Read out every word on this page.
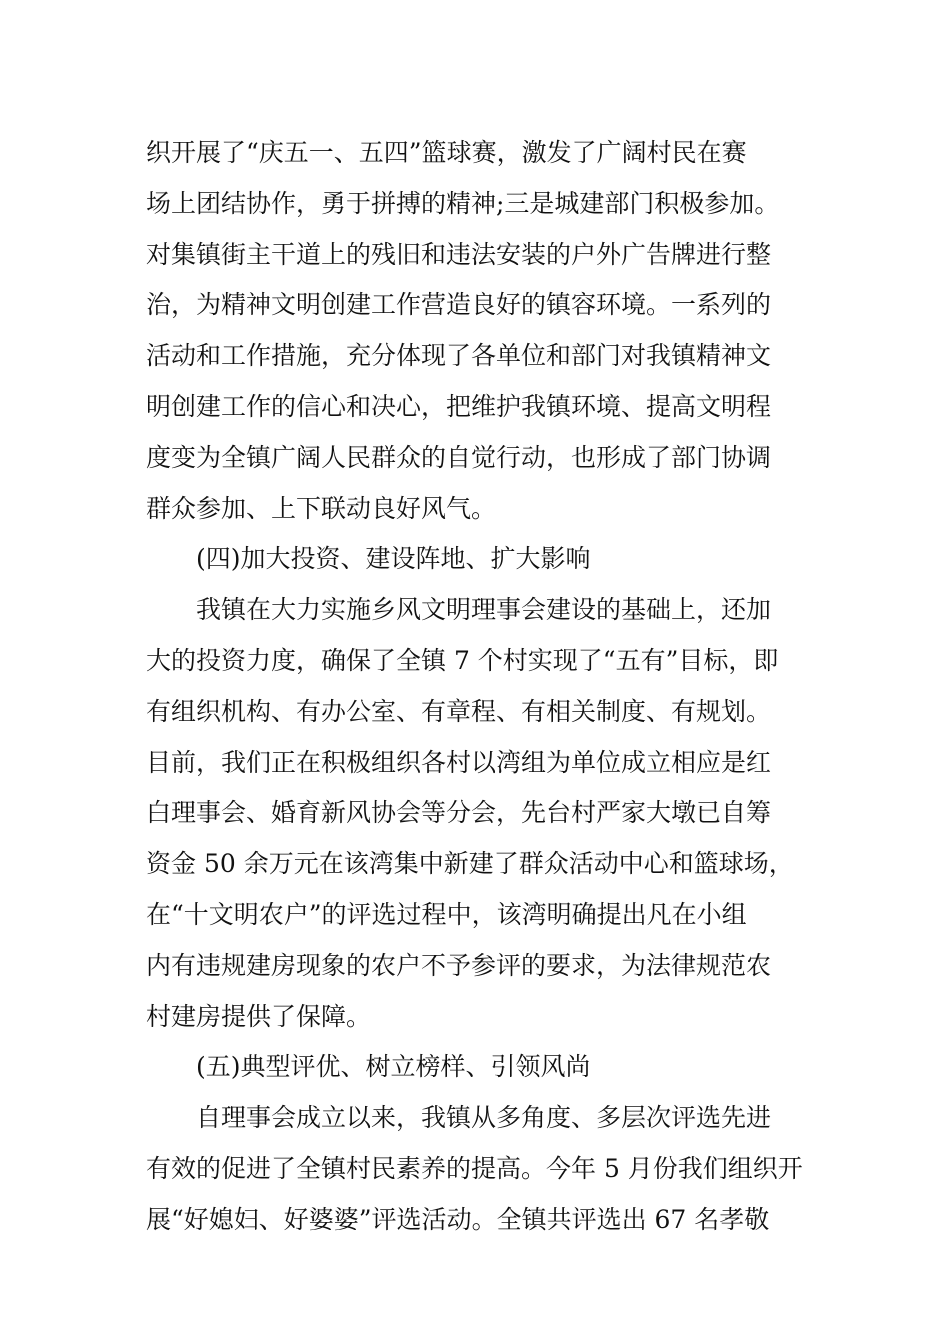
织开展了“庆五一、五四”篮球赛，激发了广阔村民在赛
场上团结协作，勇于拼搏的精神;三是城建部门积极参加。
对集镇街主干道上的残旧和违法安装的户外广告牌进行整
治，为精神文明创建工作营造良好的镇容环境。一系列的
活动和工作措施，充分体现了各单位和部门对我镇精神文
明创建工作的信心和决心，把维护我镇环境、提高文明程
度变为全镇广阔人民群众的自觉行动，也形成了部门协调
群众参加、上下联动良好风气。
(四)加大投资、建设阵地、扩大影响
我镇在大力实施乡风文明理事会建设的基础上，还加
大的投资力度，确保了全镇 7 个村实现了“五有”目标，即
有组织机构、有办公室、有章程、有相关制度、有规划。
目前，我们正在积极组织各村以湾组为单位成立相应是红
白理事会、婚育新风协会等分会，先台村严家大墩已自筹
资金 50 余万元在该湾集中新建了群众活动中心和篮球场，
在“十文明农户”的评选过程中，该湾明确提出凡在小组
内有违规建房现象的农户不予参评的要求，为法律规范农
村建房提供了保障。
(五)典型评优、树立榜样、引领风尚
自理事会成立以来，我镇从多角度、多层次评选先进
有效的促进了全镇村民素养的提高。今年 5 月份我们组织开
展“好媳妇、好婆婆”评选活动。全镇共评选出 67 名孝敬
